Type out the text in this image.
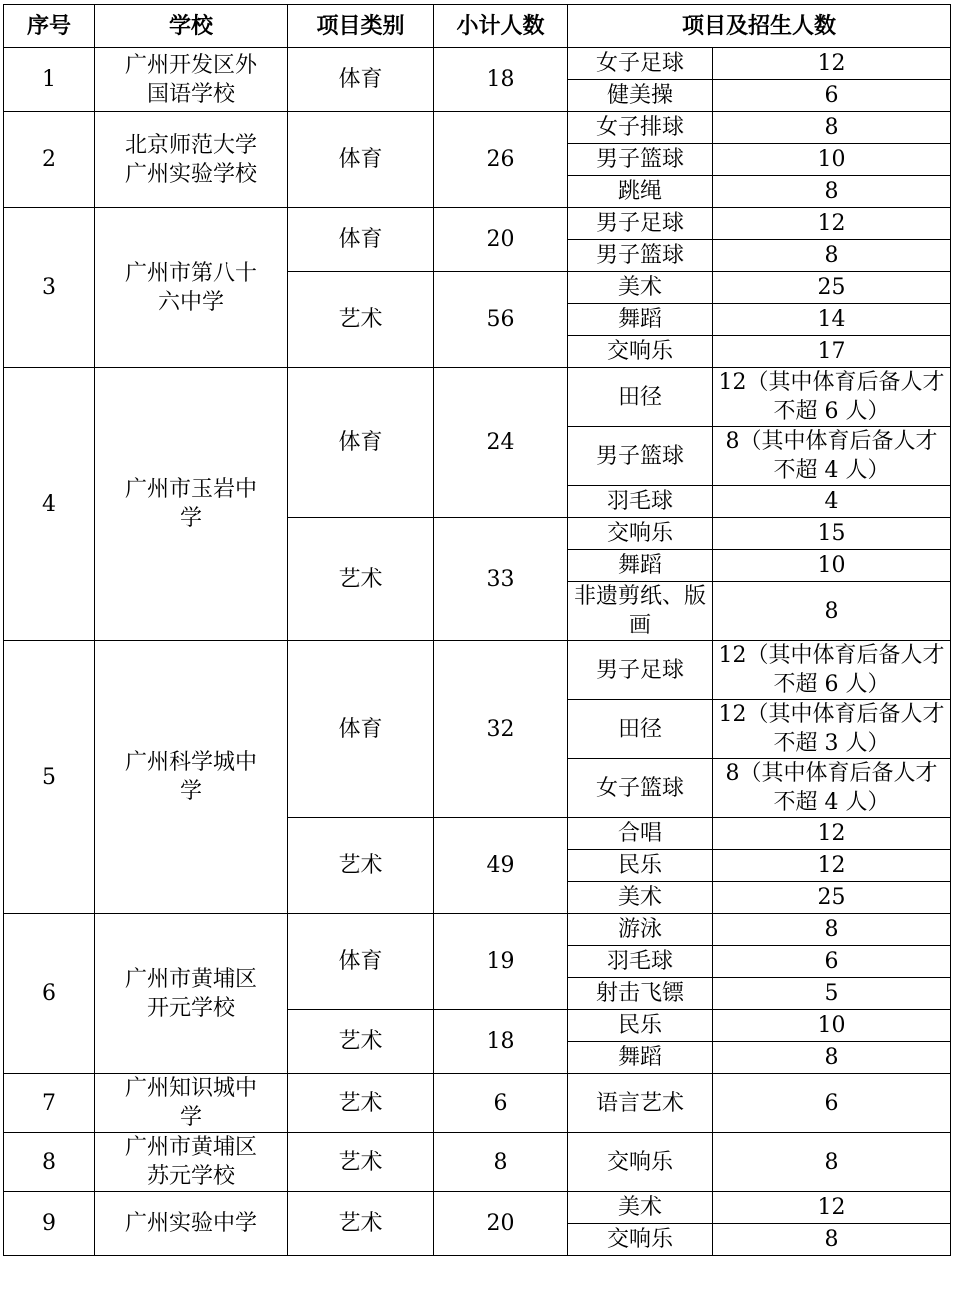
序号	学校	项目类别	小计人数	项目及招生人数	
1	广州开发区外国语学校	体育	18	女子足球	12
				健美操	6
2	北京师范大学广州实验学校	体育	26	女子排球	8
				男子篮球	10
				跳绳	8
3	广州市第八十六中学	体育	20	男子足球	12
				男子篮球	8
		艺术	56	美术	25
				舞蹈	14
				交响乐	17
4	广州市玉岩中学	体育	24	田径	12（其中体育后备人才不超 6 人）
				男子篮球	8（其中体育后备人才不超 4 人）
				羽毛球	4
		艺术	33	交响乐	15
				舞蹈	10
				非遗剪纸、版画	8
5	广州科学城中学	体育	32	男子足球	12（其中体育后备人才不超 6 人）
				田径	12（其中体育后备人才不超 3 人）
				女子篮球	8（其中体育后备人才不超 4 人）
		艺术	49	合唱	12
				民乐	12
				美术	25
6	广州市黄埔区开元学校	体育	19	游泳	8
				羽毛球	6
				射击飞镖	5
		艺术	18	民乐	10
				舞蹈	8
7	广州知识城中学	艺术	6	语言艺术	6
8	广州市黄埔区苏元学校	艺术	8	交响乐	8
9	广州实验中学	艺术	20	美术	12
				交响乐	8
